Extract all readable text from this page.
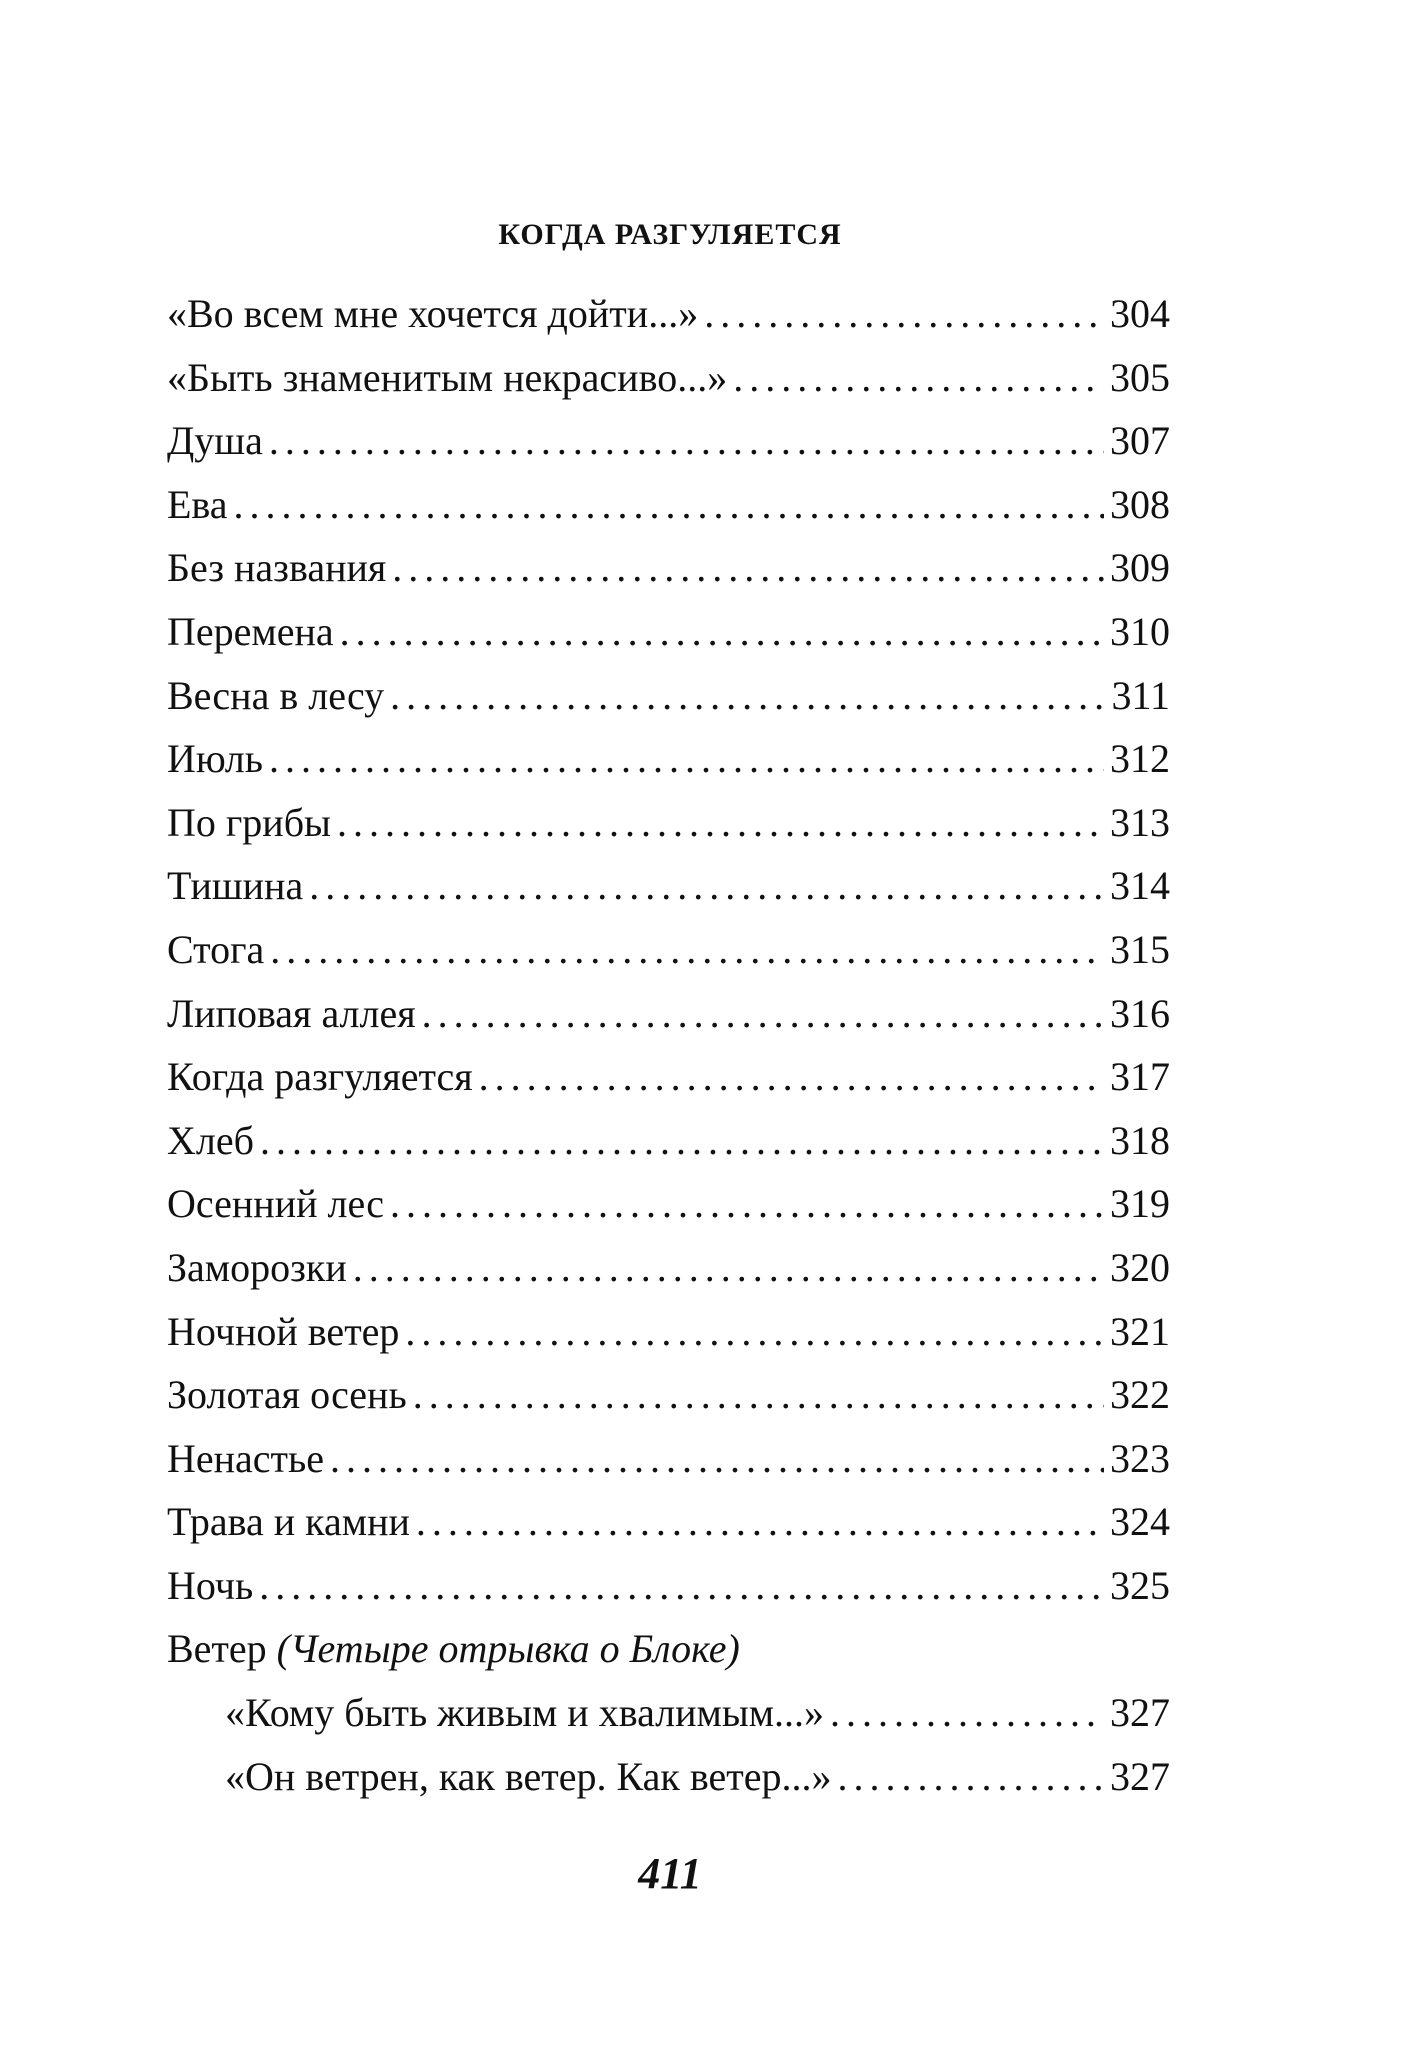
КОГДА РАЗГУЛЯЕТСЯ
«Во всем мне хочется дойти...» . . .	304
«Быть знаменитым некрасиво...» . . .	305
Душа . . .	307
Ева . . .	308
Без названия . . .	309
Перемена . . .	310
Весна в лесу . . .	311
Июль . . .	312
По грибы . . .	313
Тишина . . .	314
Стога . . .	315
Липовая аллея . . .	316
Когда разгуляется . . .	317
Хлеб . . .	318
Осенний лес . . .	319
Заморозки . . .	320
Ночной ветер . . .	321
Золотая осень . . .	322
Ненастье . . .	323
Трава и камни . . .	324
Ночь . . .	325
Ветер
(Четыре отрывка о Блоке)
«Кому быть живым и хвалимым...» . . .	327
«Он ветрен, как ветер. Как ветер...» . . .	327
411
